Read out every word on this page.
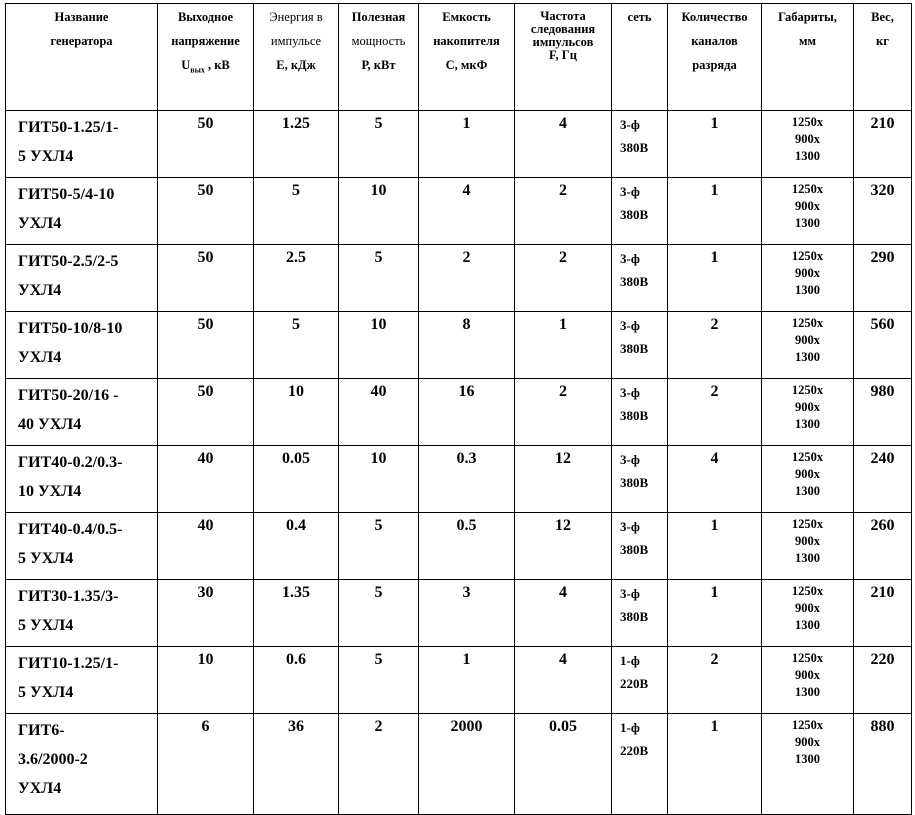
Название
генератора	Выходное
напряжение
$U_{вых}$ , кВ	Энергия в
импульсе
Е, кДж	Полезная
мощность
Р, кВт	Емкость
накопителя
С, мкФ	Частота
следования
импульсов
F, Гц	сеть	Количество
каналов
разряда	Габариты,
мм	Вес,
кг

ГИТ50-1.25/1-
5 УХЛ4	50	1.25	5	1	4	3-ф
380В	1	1250х
900х
1300	210

ГИТ50-5/4-10
УХЛ4	50	5	10	4	2	3-ф
380В	1	1250х
900х
1300	320

ГИТ50-2.5/2-5
УХЛ4	50	2.5	5	2	2	3-ф
380В	1	1250х
900х
1300	290

ГИТ50-10/8-10
УХЛ4	50	5	10	8	1	3-ф
380В	2	1250х
900х
1300	560

ГИТ50-20/16 -
40 УХЛ4	50	10	40	16	2	3-ф
380В	2	1250х
900х
1300	980

ГИТ40-0.2/0.3-
10 УХЛ4	40	0.05	10	0.3	12	3-ф
380В	4	1250х
900х
1300	240

ГИТ40-0.4/0.5-
5 УХЛ4	40	0.4	5	0.5	12	3-ф
380В	1	1250х
900х
1300	260

ГИТ30-1.35/3-
5 УХЛ4	30	1.35	5	3	4	3-ф
380В	1	1250х
900х
1300	210

ГИТ10-1.25/1-
5 УХЛ4	10	0.6	5	1	4	1-ф
220В	2	1250х
900х
1300	220

ГИТ6-
3.6/2000-2
УХЛ4	6	36	2	2000	0.05	1-ф
220В	1	1250х
900х
1300	880
